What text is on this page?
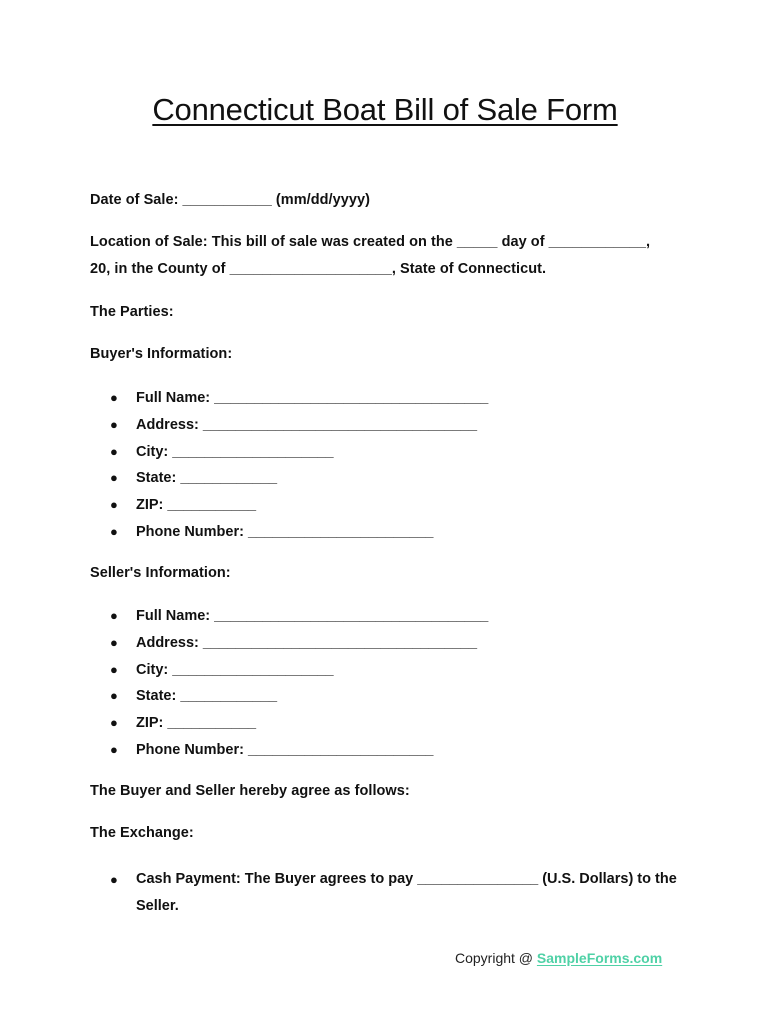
Connecticut Boat Bill of Sale Form
Date of Sale: ___________ (mm/dd/yyyy)
Location of Sale: This bill of sale was created on the _____ day of ____________,
20, in the County of ____________________, State of Connecticut.
The Parties:
Buyer's Information:
● Full Name: __________________________________
● Address: __________________________________
● City: ____________________
● State: ____________
● ZIP: ___________
● Phone Number: _______________________
Seller's Information:
● Full Name: __________________________________
● Address: __________________________________
● City: ____________________
● State: ____________
● ZIP: ___________
● Phone Number: _______________________
The Buyer and Seller hereby agree as follows:
The Exchange:
● Cash Payment: The Buyer agrees to pay _______________ (U.S. Dollars) to the Seller.
Copyright @ SampleForms.com
